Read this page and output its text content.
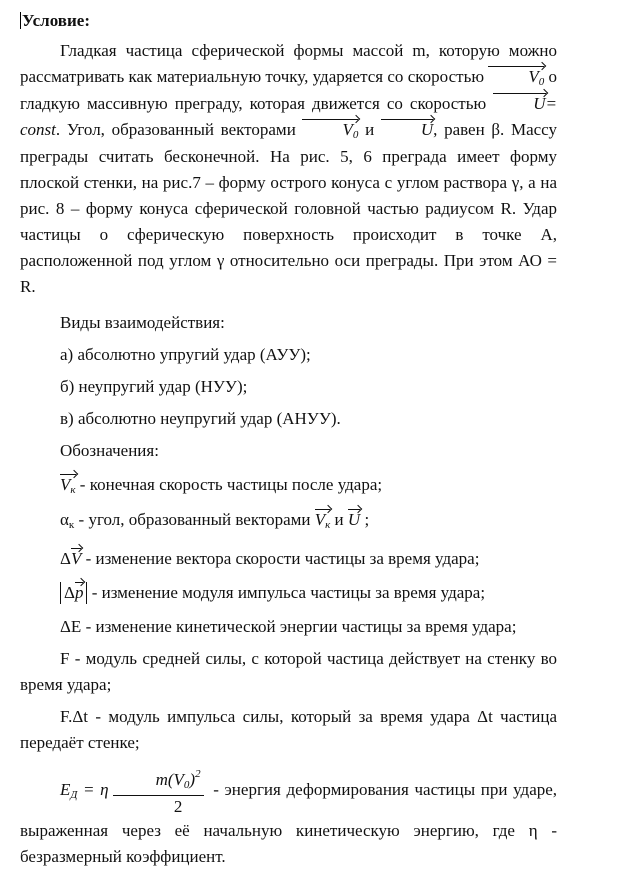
Условие:

Гладкая частица сферической формы массой m, которую можно рассматривать как материальную точку, ударяется со скоростью	$V_0$ о гладкую массивную преграду, которая движется со скоростью	U= const. Угол, образованный векторами	$V_0$ и	U, равен β. Массу преграды считать бесконечной. На рис. 5, 6 преграда имеет форму плоской стенки, на рис.7 – форму острого конуса с углом раствора γ, а на рис. 8 – форму конуса сферической головной частью радиусом R. Удар частицы о сферическую поверхность происходит в точке А, расположенной под углом γ относительно оси преграды. При этом АО = R.

Виды взаимодействия:

а) абсолютно упругий удар (АУУ);

б) неупругий удар (НУУ);

в) абсолютно неупругий удар (АНУУ).

Обозначения:

$V_к$ - конечная скорость частицы после удара;

$\alpha_к$ - угол, образованный векторами $V_к$ и U ;

ΔV - изменение вектора скорости частицы за время удара;

Δp - изменение модуля импульса частицы за время удара;

ΔЕ - изменение кинетической энергии частицы за время удара;

F - модуль средней силы, с которой частица действует на стенку во время удара;

F.Δt - модуль импульса силы, который за время удара Δt частица передаёт стенке;

$E_Д = \eta \frac{m(V_0)^2}{2}$ - энергия деформирования частицы при ударе, выраженная через её начальную кинетическую энергию, где η - безразмерный коэффициент.
